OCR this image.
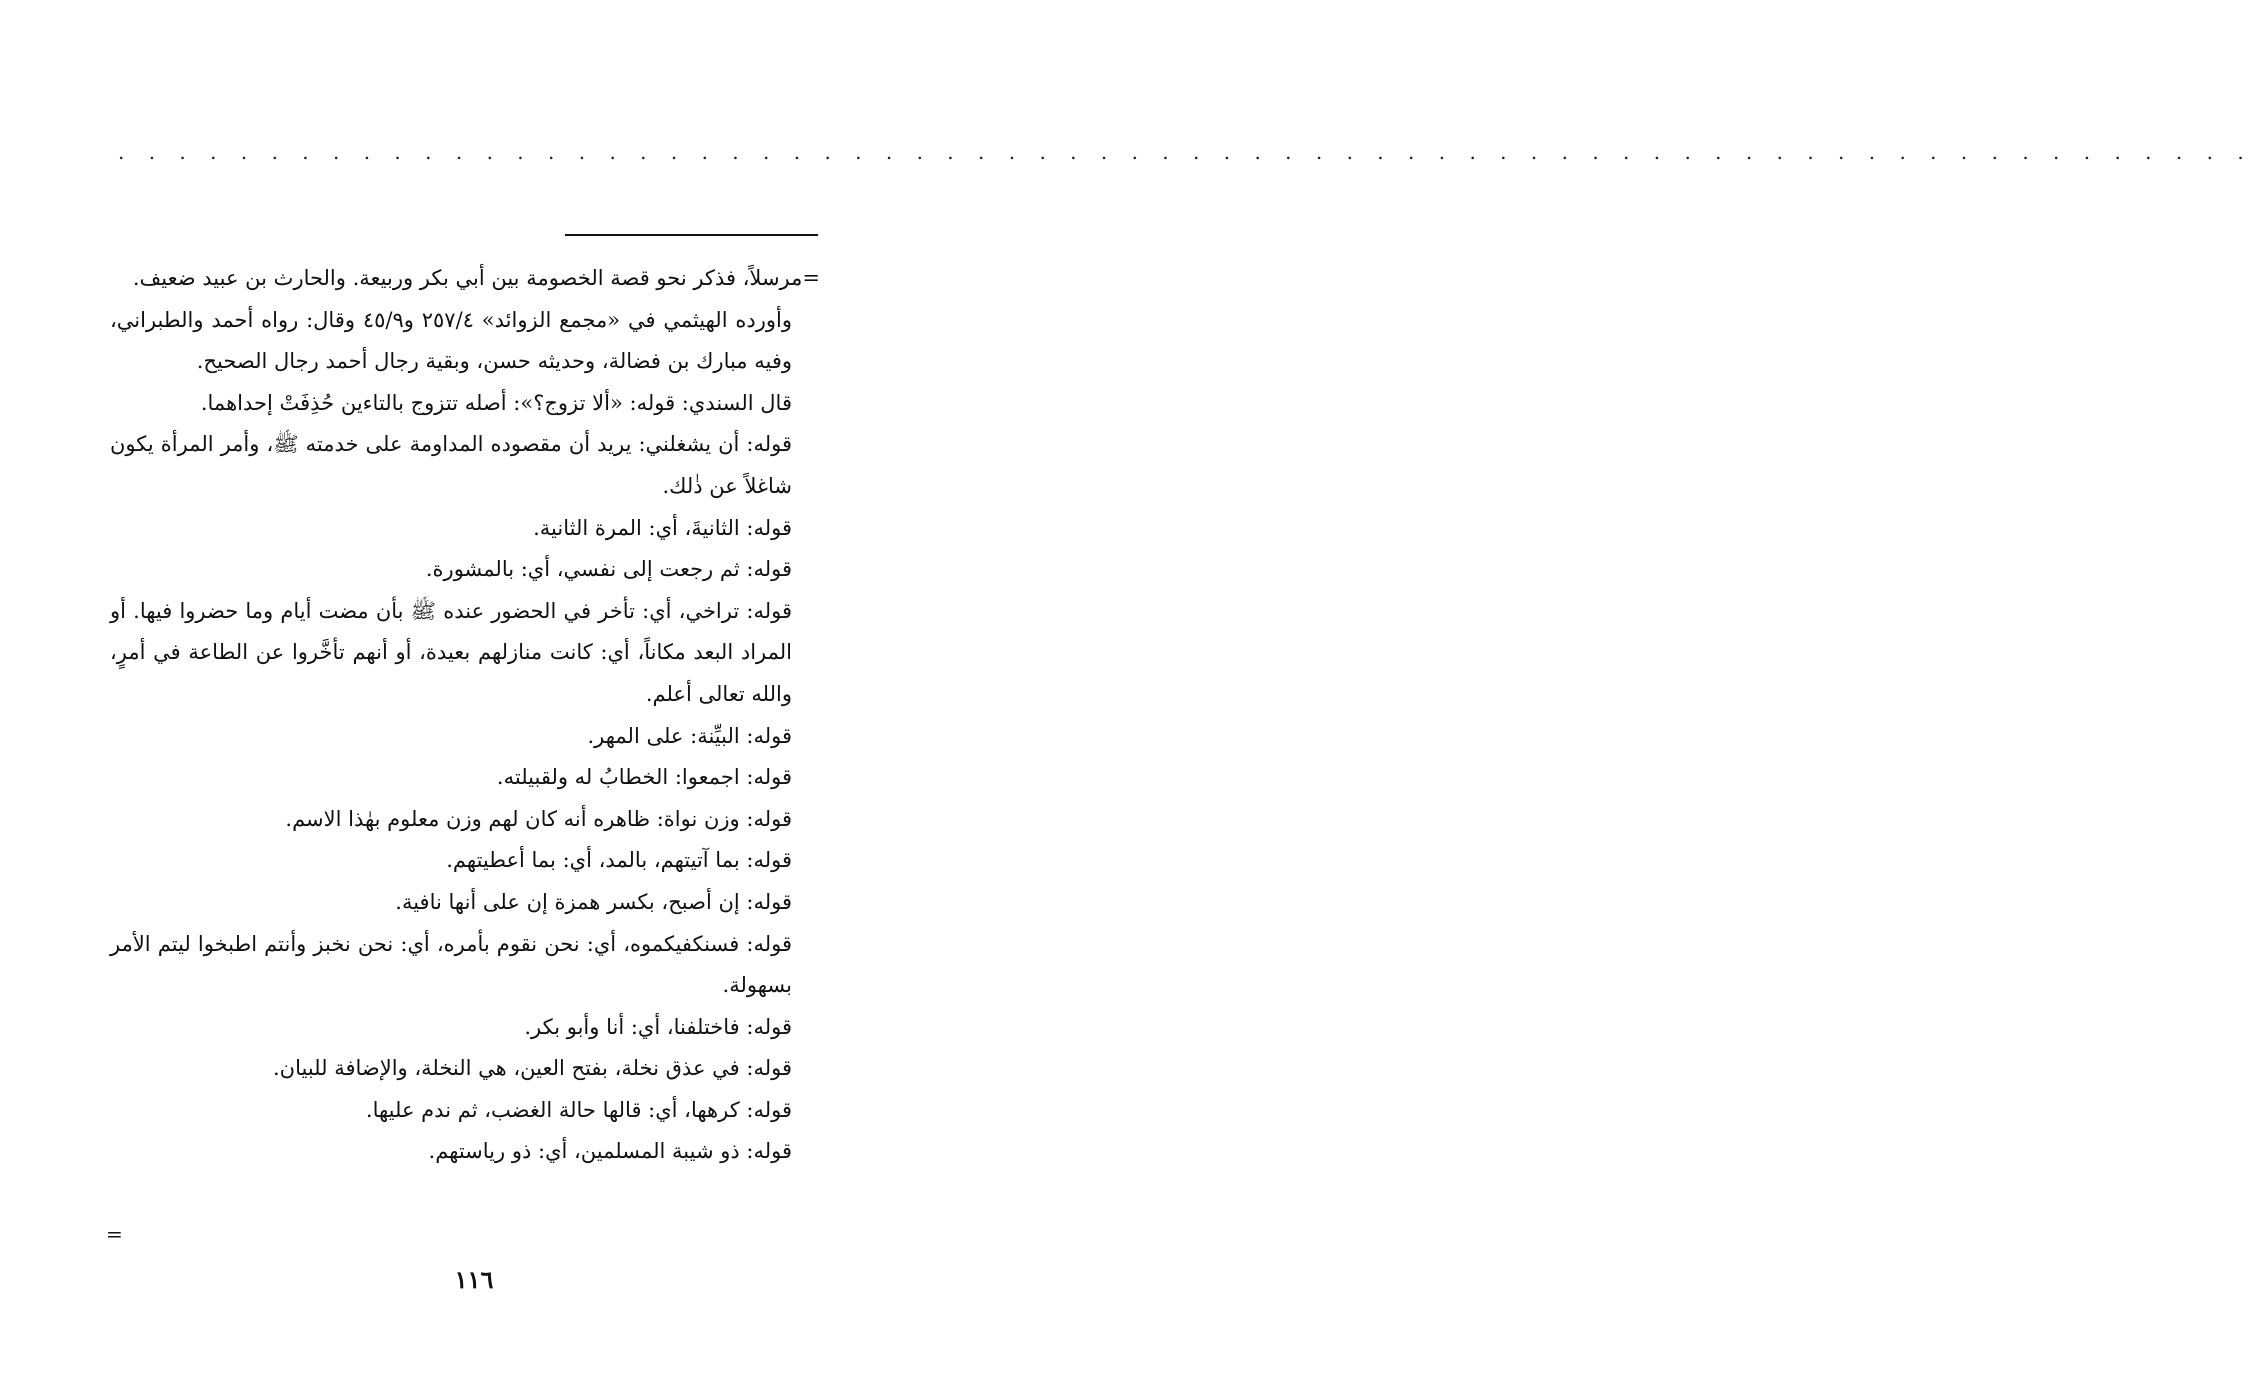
. . . . . . . . . . . . . . . . . . . . . . . . . . . . . . . . . . . . . . . . . . . . . . . . . . . . . . . . . . . . . . . . . . . . . .

=مرسلاً، فذكر نحو قصة الخصومة بين أبي بكر وربيعة. والحارث بن عبيد ضعيف.

وأورده الهيثمي في «مجمع الزوائد» ٢٥٧/٤ و٤٥/٩ وقال: رواه أحمد والطبراني، وفيه مبارك بن فضالة، وحديثه حسن، وبقية رجال أحمد رجال الصحيح.

قال السندي: قوله: «ألا تزوج؟»: أصله تتزوج بالتاءين حُذِفَتْ إحداهما.

قوله: أن يشغلني: يريد أن مقصوده المداومة على خدمته ﷺ، وأمر المرأة يكون شاغلاً عن ذٰلك.

قوله: الثانيةَ، أي: المرة الثانية.

قوله: ثم رجعت إلى نفسي، أي: بالمشورة.

قوله: تراخي، أي: تأخر في الحضور عنده ﷺ بأن مضت أيام وما حضروا فيها. أو المراد البعد مكاناً، أي: كانت منازلهم بعيدة، أو أنهم تأخَّروا عن الطاعة في أمرٍ، والله تعالى أعلم.

قوله: البيِّنة: على المهر.

قوله: اجمعوا: الخطابُ له ولقبيلته.

قوله: وزن نواة: ظاهره أنه كان لهم وزن معلوم بهٰذا الاسم.

قوله: بما آتيتهم، بالمد، أي: بما أعطيتهم.

قوله: إن أصبح، بكسر همزة إن على أنها نافية.

قوله: فسنكفيكموه، أي: نحن نقوم بأمره، أي: نحن نخبز وأنتم اطبخوا ليتم الأمر بسهولة.

قوله: فاختلفنا، أي: أنا وأبو بكر.

قوله: في عذق نخلة، بفتح العين، هي النخلة، والإضافة للبيان.

قوله: كرهها، أي: قالها حالة الغضب، ثم ندم عليها.

قوله: ذو شيبة المسلمين، أي: ذو رياستهم.

=
١١٦
